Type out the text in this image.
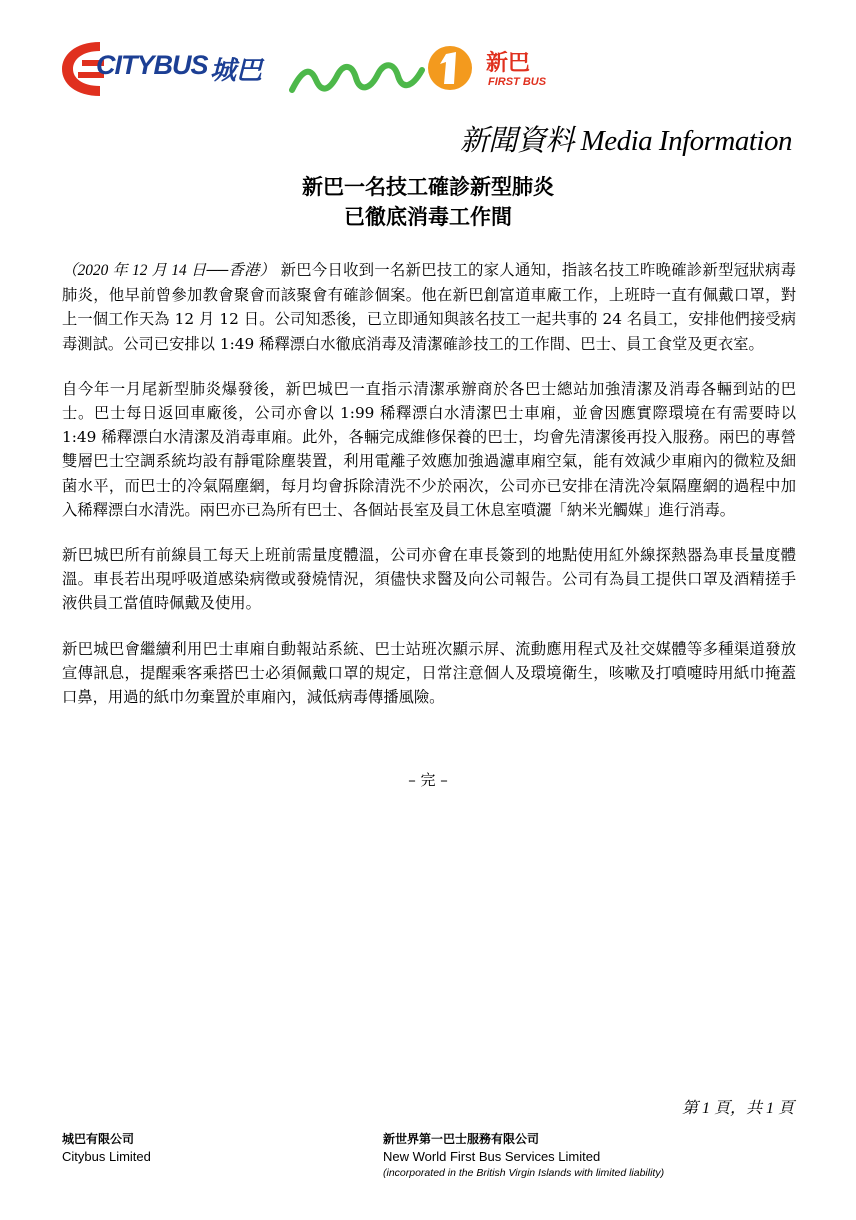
CITYBUS 城巴	新巴
FIRST BUS
新聞資料 Media Information
新巴一名技工確診新型肺炎
已徹底消毒工作間

（2020 年 12 月 14 日──香港） 新巴今日收到一名新巴技工的家人通知，指該名技工昨晚確診新型冠狀病毒肺炎，他早前曾參加教會聚會而該聚會有確診個案。他在新巴創富道車廠工作，上班時一直有佩戴口罩，對上一個工作天為 12 月 12 日。公司知悉後，已立即通知與該名技工一起共事的 24 名員工，安排他們接受病毒測試。公司已安排以 1:49 稀釋漂白水徹底消毒及清潔確診技工的工作間、巴士、員工食堂及更衣室。

自今年一月尾新型肺炎爆發後，新巴城巴一直指示清潔承辦商於各巴士總站加強清潔及消毒各輛到站的巴士。巴士每日返回車廠後，公司亦會以 1:99 稀釋漂白水清潔巴士車廂，並會因應實際環境在有需要時以 1:49 稀釋漂白水清潔及消毒車廂。此外，各輛完成維修保養的巴士，均會先清潔後再投入服務。兩巴的專營雙層巴士空調系統均設有靜電除塵裝置，利用電離子效應加強過濾車廂空氣，能有效減少車廂內的微粒及細菌水平，而巴士的冷氣隔塵網，每月均會拆除清洗不少於兩次，公司亦已安排在清洗冷氣隔塵網的過程中加入稀釋漂白水清洗。兩巴亦已為所有巴士、各個站長室及員工休息室噴灑「納米光觸媒」進行消毒。

新巴城巴所有前線員工每天上班前需量度體溫，公司亦會在車長簽到的地點使用紅外線探熱器為車長量度體溫。車長若出現呼吸道感染病徵或發燒情況，須儘快求醫及向公司報告。公司有為員工提供口罩及酒精搓手液供員工當值時佩戴及使用。

新巴城巴會繼續利用巴士車廂自動報站系統、巴士站班次顯示屏、流動應用程式及社交媒體等多種渠道發放宣傳訊息，提醒乘客乘搭巴士必須佩戴口罩的規定，日常注意個人及環境衛生，咳嗽及打噴嚏時用紙巾掩蓋口鼻，用過的紙巾勿棄置於車廂內，減低病毒傳播風險。

– 完 –
第 1 頁，共 1 頁
城巴有限公司
Citybus Limited
新世界第一巴士服務有限公司
New World First Bus Services Limited
(incorporated in the British Virgin Islands with limited liability)
